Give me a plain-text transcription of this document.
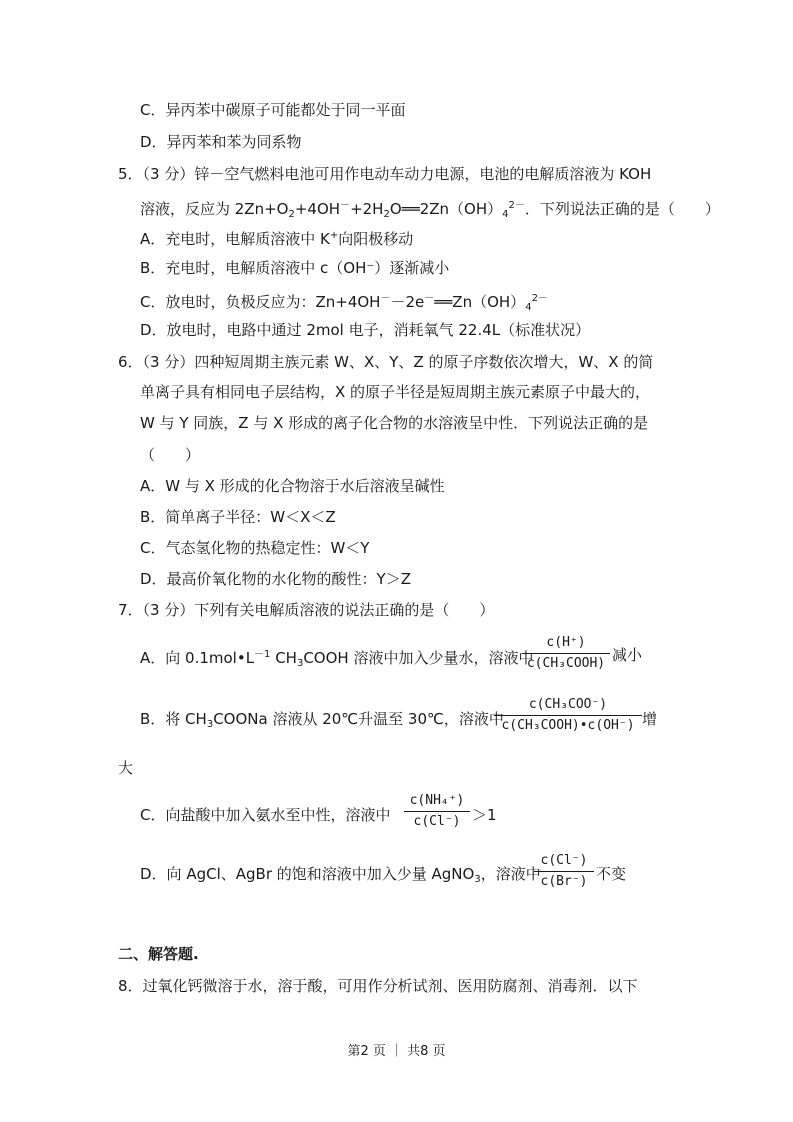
C．异丙苯中碳原子可能都处于同一平面
D．异丙苯和苯为同系物
5．（3 分）锌－空气燃料电池可用作电动车动力电源，电池的电解质溶液为 KOH
溶液，反应为 $2Zn+O_2+4OH^-+2H_2O══2Zn(OH)_4^{2-}$．下列说法正确的是（　　）
A．充电时，电解质溶液中 K+向阳极移动
B．充电时，电解质溶液中 c（OH⁻）逐渐减小
C．放电时，负极反应为：$Zn+4OH^--2e^-══Zn(OH)_4^{2-}$
D．放电时，电路中通过 2mol 电子，消耗氧气 22.4L（标准状况）
6．（3 分）四种短周期主族元素 W、X、Y、Z 的原子序数依次增大，W、X 的简
单离子具有相同电子层结构，X 的原子半径是短周期主族元素原子中最大的，
W 与 Y 同族，Z 与 X 形成的离子化合物的水溶液呈中性．下列说法正确的是
（　　）
A．W 与 X 形成的化合物溶于水后溶液呈碱性
B．简单离子半径：W＜X＜Z
C．气态氢化物的热稳定性：W＜Y
D．最高价氧化物的水化物的酸性：Y＞Z
7．（3 分）下列有关电解质溶液的说法正确的是（　　）
A．向 $0.1mol•L^{-1}$ $CH_3COOH$ 溶液中加入少量水，溶液中
c(H⁺)
c(CH₃COOH) 减小
B．将 $CH_3COONa$ 溶液从 20℃升温至 30℃，溶液中
c(CH₃COO⁻)
c(CH₃COOH)•c(OH⁻) 增
大
C．向盐酸中加入氨水至中性，溶液中
c(NH₄⁺)
c(Cl⁻) ＞1
D．向 AgCl、AgBr 的饱和溶液中加入少量 AgNO$_3$，溶液中
c(Cl⁻)
c(Br⁻) 不变
二、解答题.
8．过氧化钙微溶于水，溶于酸，可用作分析试剂、医用防腐剂、消毒剂．以下
第2 页 ｜ 共8 页
